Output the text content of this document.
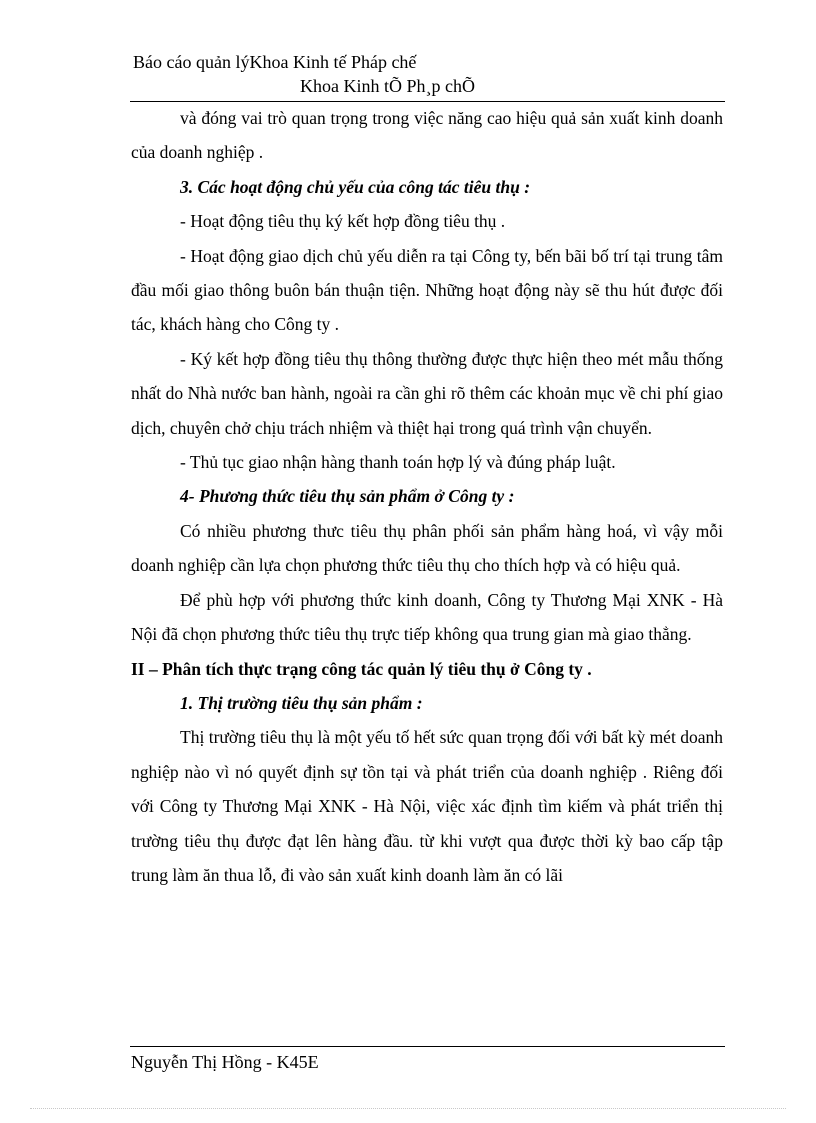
Báo cáo quản lýKhoa Kinh tế Pháp chế
Khoa Kinh tÕ Ph¸p chÕ

và đóng vai trò quan trọng trong việc năng cao hiệu quả sản xuất kinh doanh của doanh nghiệp .

3. Các hoạt động chủ yếu của công tác tiêu thụ :

- Hoạt động tiêu thụ ký kết hợp đồng tiêu thụ .

- Hoạt động giao dịch chủ yếu diễn ra tại Công ty, bến bãi bố trí tại trung tâm đầu mối giao thông buôn bán thuận tiện. Những hoạt động này sẽ thu hút được đối tác, khách hàng cho Công ty .

- Ký kết hợp đồng tiêu thụ thông thường được thực hiện theo mét mẫu thống nhất do Nhà nước ban hành, ngoài ra cần ghi rõ thêm các khoản mục về chi phí giao dịch, chuyên chở chịu trách nhiệm và thiệt hại trong quá trình vận chuyển.

- Thủ tục giao nhận hàng thanh toán hợp lý và đúng pháp luật.

4- Phương thức tiêu thụ sản phẩm ở Công ty :

Có nhiều phương thưc tiêu thụ phân phối sản phẩm hàng hoá, vì vậy mỗi doanh nghiệp cần lựa chọn phương thức tiêu thụ cho thích hợp và có hiệu quả.

Để phù hợp với phương thức kinh doanh, Công ty Thương Mại XNK - Hà Nội đã chọn phương thức tiêu thụ trực tiếp không qua trung gian mà giao thẳng.

II – Phân tích thực trạng công tác quản lý tiêu thụ ở Công ty .

1. Thị trường tiêu thụ sản phẩm :

Thị trường tiêu thụ là một yếu tố hết sức quan trọng đối với bất kỳ mét doanh nghiệp nào vì nó quyết định sự tồn tại và phát triển của doanh nghiệp . Riêng đối với Công ty Thương Mại XNK - Hà Nội, việc xác định tìm kiếm và phát triển thị trường tiêu thụ được đạt lên hàng đầu. từ khi vượt qua được thời kỳ bao cấp tập trung làm ăn thua lỗ, đi vào sản xuất kinh doanh làm ăn có lãi

Nguyễn Thị Hồng - K45E
